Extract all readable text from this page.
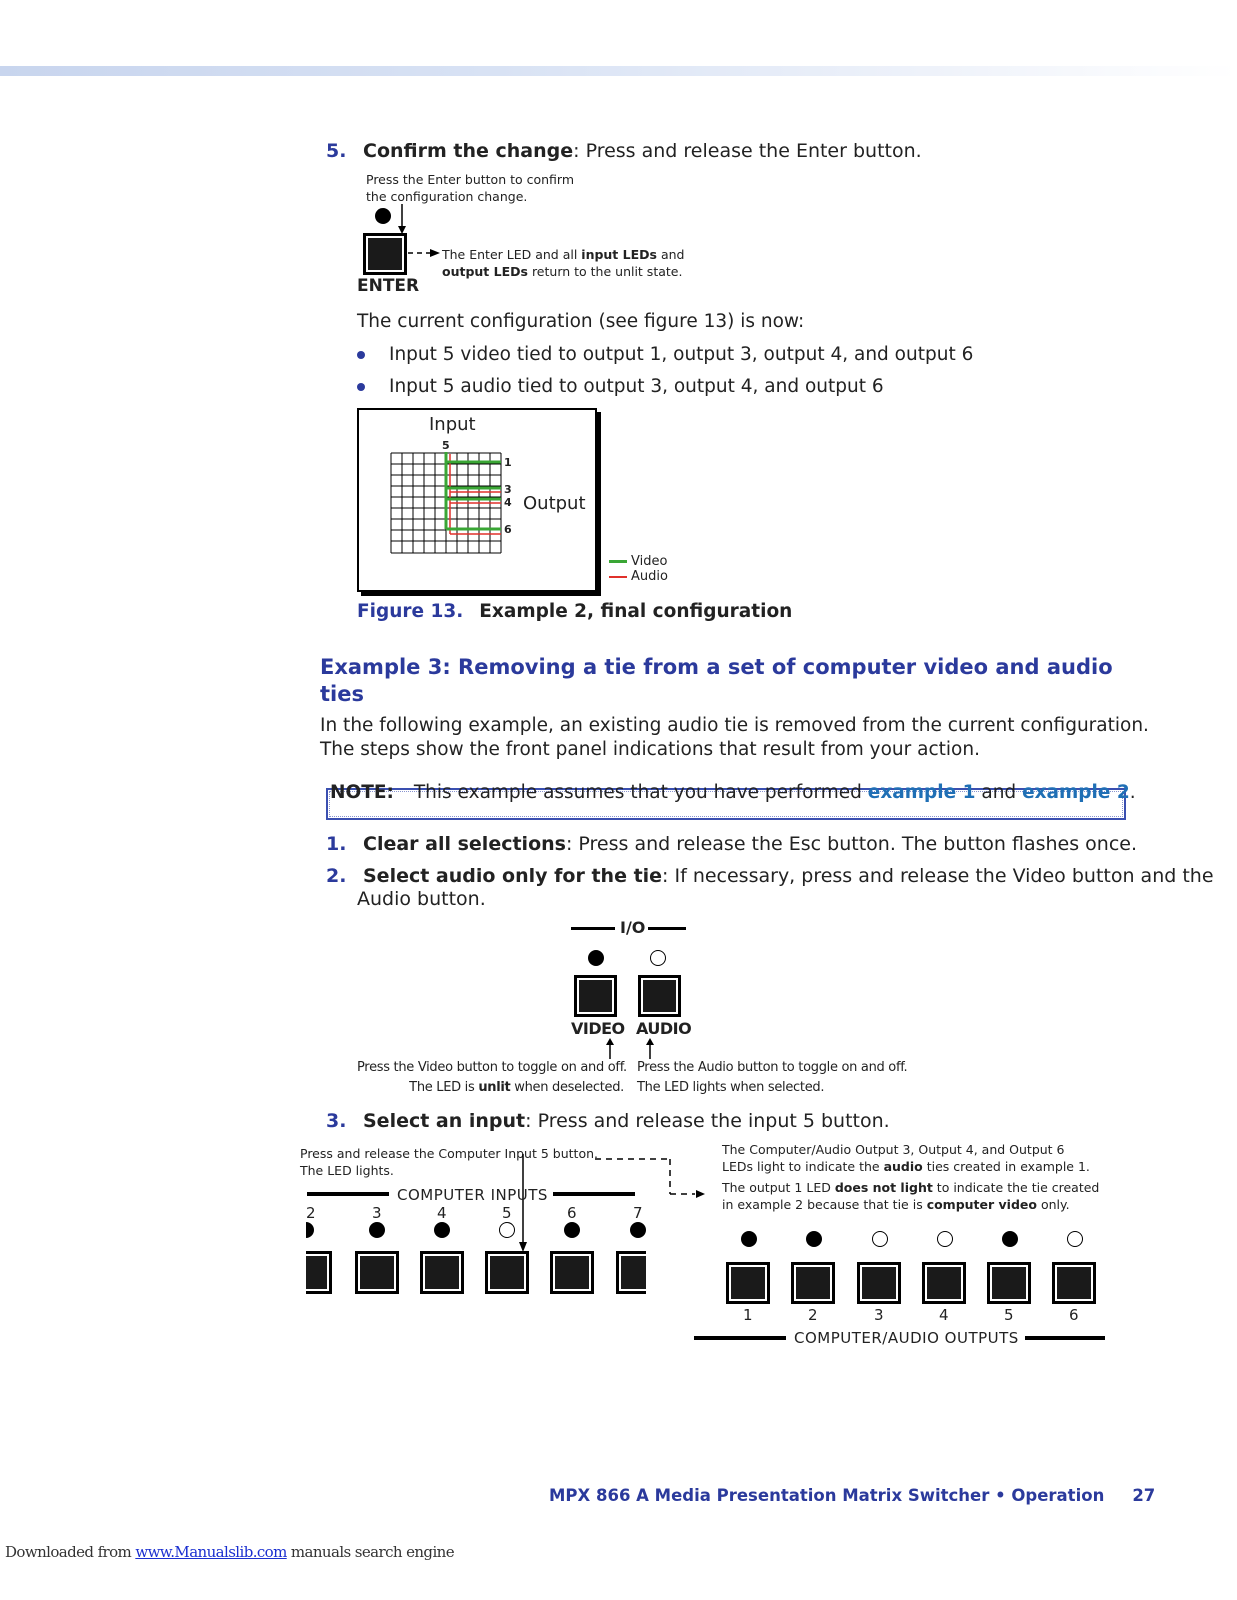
5. Confirm the change: Press and release the Enter button.
Press the Enter button to confirm
the configuration change.
ENTER
The Enter LED and all input LEDs and
output LEDs return to the unlit state.
The current configuration (see figure 13) is now:
Input 5 video tied to output 1, output 3, output 4, and output 6
Input 5 audio tied to output 3, output 4, and output 6
Input
5
1
3
4
6
Output
Video
Audio
Figure 13. Example 2, final configuration
Example 3: Removing a tie from a set of computer video and audio
ties
In the following example, an existing audio tie is removed from the current configuration.
The steps show the front panel indications that result from your action.
NOTE: This example assumes that you have performed example 1 and example 2.
1. Clear all selections: Press and release the Esc button. The button flashes once.
2. Select audio only for the tie: If necessary, press and release the Video button and the
Audio button.
I/O
VIDEO AUDIO
Press the Video button to toggle on and off.
The LED is unlit when deselected.
Press the Audio button to toggle on and off.
The LED lights when selected.
3. Select an input: Press and release the input 5 button.
Press and release the Computer Input 5 button.
The LED lights.
COMPUTER INPUTS
2	3	4	5	6	7
The Computer/Audio Output 3, Output 4, and Output 6
LEDs light to indicate the audio ties created in example 1.
The output 1 LED does not light to indicate the tie created
in example 2 because that tie is computer video only.
1	2	3	4	5	6
COMPUTER/AUDIO OUTPUTS
MPX 866 A Media Presentation Matrix Switcher • Operation 27
Downloaded from www.Manualslib.com manuals search engine
